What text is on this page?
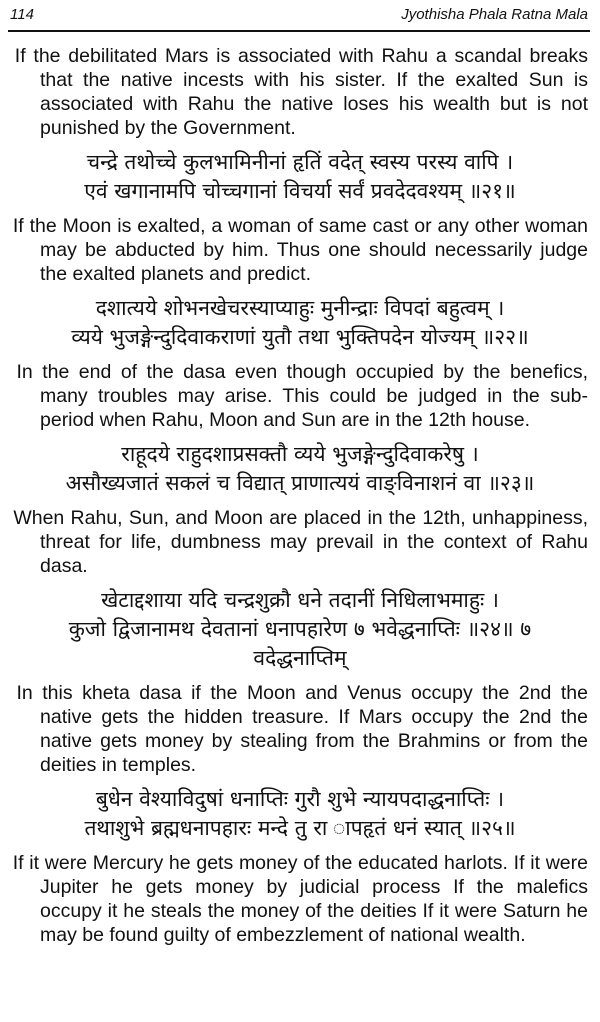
114	Jyothisha Phala Ratna Mala

If the debilitated Mars is associated with Rahu a scandal breaks that the native incests with his sister. If the exalted Sun is associated with Rahu the native loses his wealth but is not punished by the Government.

चन्द्रे तथोच्चे कुलभामिनीनां हृतिं वदेत् स्वस्य परस्य वापि ।
एवं खगानामपि चोच्चगानां विचर्या सर्वं प्रवदेदवश्यम् ॥२१॥

If the Moon is exalted, a woman of same cast or any other woman may be abducted by him. Thus one should necessarily judge the exalted planets and predict.

दशात्यये शोभनखेचरस्याप्याहुः मुनीन्द्राः विपदां बहुत्वम् ।
व्यये भुजङ्गेन्दुदिवाकराणां युतौ तथा भुक्तिपदेन योज्यम् ॥२२॥

In the end of the dasa even though occupied by the benefics, many troubles may arise. This could be judged in the sub-period when Rahu, Moon and Sun are in the 12th house.

राहूदये राहुदशाप्रसक्तौ व्यये भुजङ्गेन्दुदिवाकरेषु ।
असौख्यजातं सकलं च विद्यात् प्राणात्ययं वाङ्विनाशनं वा ॥२३॥

When Rahu, Sun, and Moon are placed in the 12th, unhappiness, threat for life, dumbness may prevail in the context of Rahu dasa.

खेटाद्दशाया यदि चन्द्रशुक्रौ धने तदानीं निधिलाभमाहुः ।
कुजो द्विजानामथ देवतानां धनापहारेण ७ भवेद्धनाप्तिः ॥२४॥ ७
वदेद्धनाप्तिम्

In this kheta dasa if the Moon and Venus occupy the 2nd the native gets the hidden treasure. If Mars occupy the 2nd the native gets money by stealing from the Brahmins or from the deities in temples.

बुधेन वेश्याविदुषां धनाप्तिः गुरौ शुभे न्यायपदाद्धनाप्तिः ।
तथाशुभे ब्रह्मधनापहारः मन्दे तु रा ापहृतं धनं स्यात् ॥२५॥

If it were Mercury he gets money of the educated harlots. If it were Jupiter he gets money by judicial process If the malefics occupy it he steals the money of the deities If it were Saturn he may be found guilty of embezzlement of national wealth.
